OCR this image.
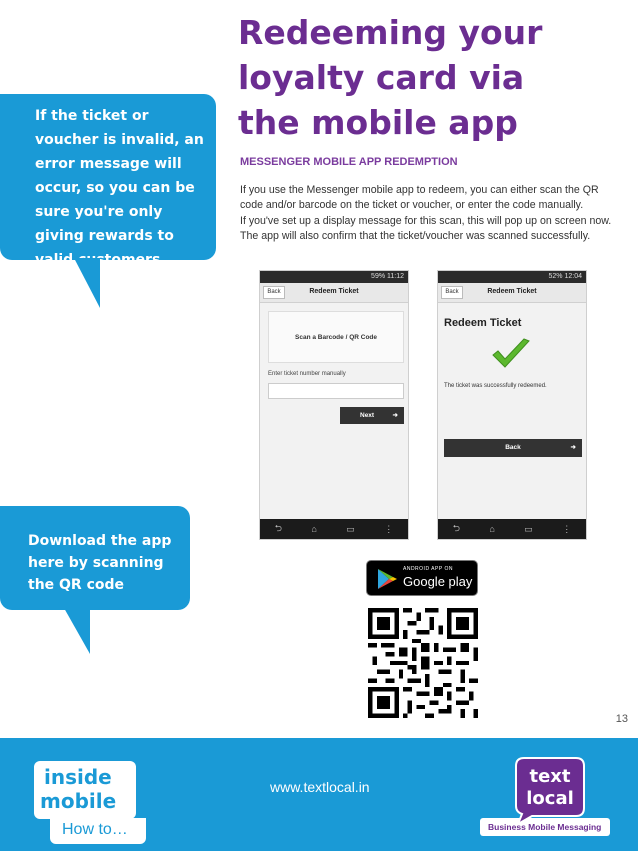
Redeeming your
loyalty card via
the mobile app
MESSENGER MOBILE APP REDEMPTION
If you use the Messenger mobile app to redeem, you can either scan the QR code and/or barcode on the ticket or voucher, or enter the code manually.
If you've set up a display message for this scan, this will pop up on screen now. The app will also confirm that the ticket/voucher was scanned successfully.
If the ticket or voucher is invalid, an error message will occur, so you can be sure you're only giving rewards to valid customers
Download the app here by scanning the QR code
59% 11:12
Back	Redeem Ticket
Scan a Barcode / QR Code
Enter ticket number manually
Next	➜
⮌	⌂	▭	⋮
52% 12:04
Back	Redeem Ticket
Redeem Ticket
The ticket was successfully redeemed.
Back	➜
⮌	⌂	▭	⋮
ANDROID APP ON
Google play
13
inside
mobile
How to…
www.textlocal.in	text
local
Business Mobile Messaging
